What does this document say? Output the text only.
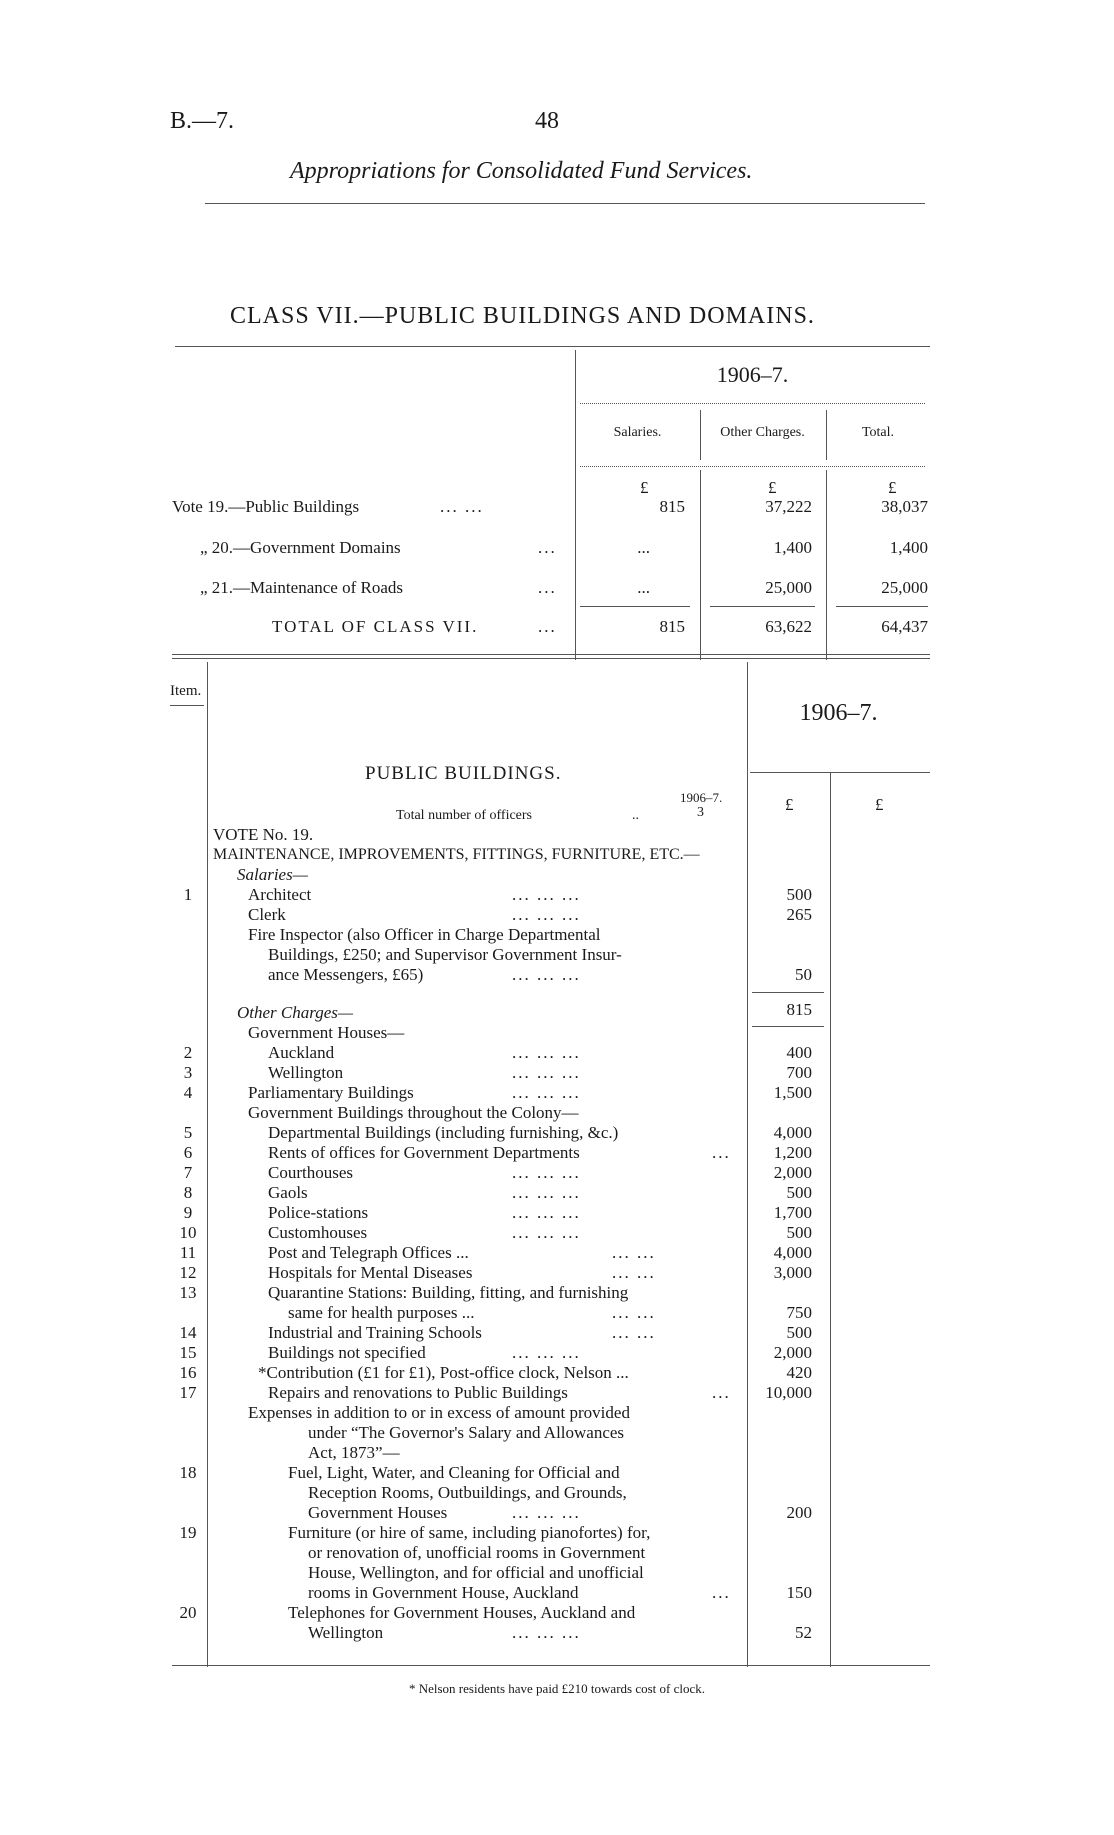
B.—7.	48
Appropriations for Consolidated Fund Services.
CLASS VII.—PUBLIC BUILDINGS AND DOMAINS.
1906–7.
Salaries.	Other Charges.	Total.
£	£	£
Vote 19.—Public Buildings	... ...	815	37,222	38,037
„ 20.—Government Domains	...	...	1,400	1,400
„ 21.—Maintenance of Roads	...	...	25,000	25,000
TOTAL OF CLASS VII.	...	815	63,622	64,437
Item.
1906–7.
PUBLIC BUILDINGS.
1906–7.
Total number of officers	..	3	£	£
VOTE No. 19.
MAINTENANCE, IMPROVEMENTS, FITTINGS, FURNITURE, ETC.—
Salaries—
1	Architect	... ... ...	500
Clerk	... ... ...	265
Fire Inspector (also Officer in Charge Departmental
Buildings, £250; and Supervisor Government Insur-
ance Messengers, £65)	... ... ...	50
815
Other Charges—
Government Houses—
2	Auckland	... ... ...	400
3	Wellington	... ... ...	700
4	Parliamentary Buildings	... ... ...	1,500
Government Buildings throughout the Colony—
5	Departmental Buildings (including furnishing, &c.)	4,000
6	Rents of offices for Government Departments	...	1,200
7	Courthouses	... ... ...	2,000
8	Gaols	... ... ...	500
9	Police-stations	... ... ...	1,700
10	Customhouses	... ... ...	500
11	Post and Telegraph Offices ...	... ...	4,000
12	Hospitals for Mental Diseases	... ...	3,000
13	Quarantine Stations: Building, fitting, and furnishing
same for health purposes ...	... ...	750
14	Industrial and Training Schools	... ...	500
15	Buildings not specified	... ... ...	2,000
16	*Contribution (£1 for £1), Post-office clock, Nelson ...	420
17	Repairs and renovations to Public Buildings	...	10,000
Expenses in addition to or in excess of amount provided
under “The Governor's Salary and Allowances
Act, 1873”—
18	Fuel, Light, Water, and Cleaning for Official and
Reception Rooms, Outbuildings, and Grounds,
Government Houses	... ... ...	200
19	Furniture (or hire of same, including pianofortes) for,
or renovation of, unofficial rooms in Government
House, Wellington, and for official and unofficial
rooms in Government House, Auckland	...	150
20	Telephones for Government Houses, Auckland and
Wellington	... ... ...	52
* Nelson residents have paid £210 towards cost of clock.
